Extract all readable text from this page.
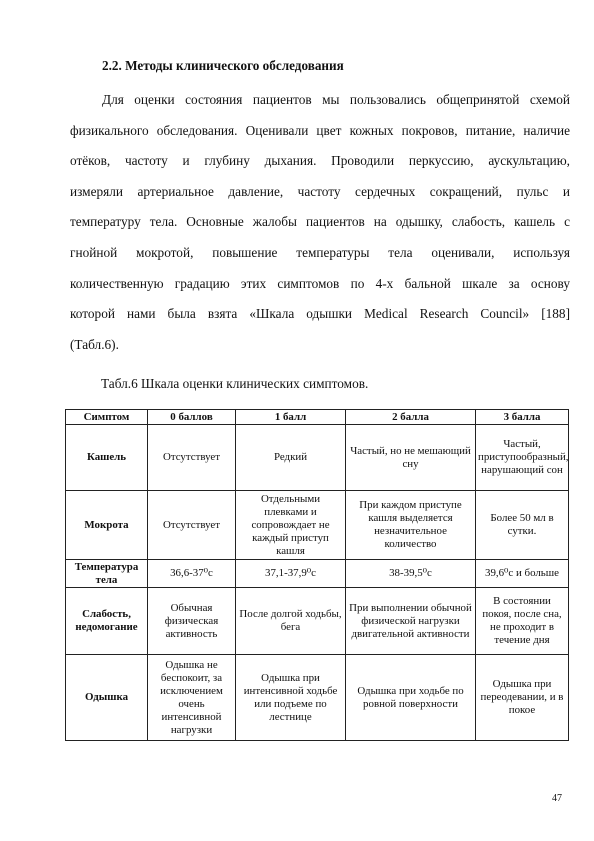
2.2. Методы клинического обследования
Для оценки состояния пациентов мы пользовались общепринятой схемой
физикального обследования. Оценивали цвет кожных покровов, питание, наличие
отёков, частоту и глубину дыхания. Проводили перкуссию, аускультацию,
измеряли артериальное давление, частоту сердечных сокращений, пульс и
температуру тела. Основные жалобы пациентов на одышку, слабость, кашель с
гнойной мокротой, повышение температуры тела оценивали, используя
количественную градацию этих симптомов по 4-х бальной шкале за основу
которой нами была взята «Шкала одышки Medical Research Council» [188]
(Табл.6).
Табл.6 Шкала оценки клинических симптомов.
Симптом	0 баллов	1 балл	2 балла	3 балла
Кашель	Отсутствует	Редкий	Частый, но не мешающий сну	Частый, приступообразный, нарушающий сон
Мокрота	Отсутствует	Отдельными плевками и сопровождает не каждый приступ кашля	При каждом приступе кашля выделяется незначительное количество	Более 50 мл в сутки.
Температура тела	36,6-37⁰с	37,1-37,9⁰с	38-39,5⁰с	39,6⁰с и больше
Слабость, недомогание	Обычная физическая активность	После долгой ходьбы, бега	При выполнении обычной физической нагрузки двигательной активности	В состоянии покоя, после сна, не проходит в течение дня
Одышка	Одышка не беспокоит, за исключением очень интенсивной нагрузки	Одышка при интенсивной ходьбе или подъеме по лестнице	Одышка при ходьбе по ровной поверхности	Одышка при переодевании, и в покое
47
